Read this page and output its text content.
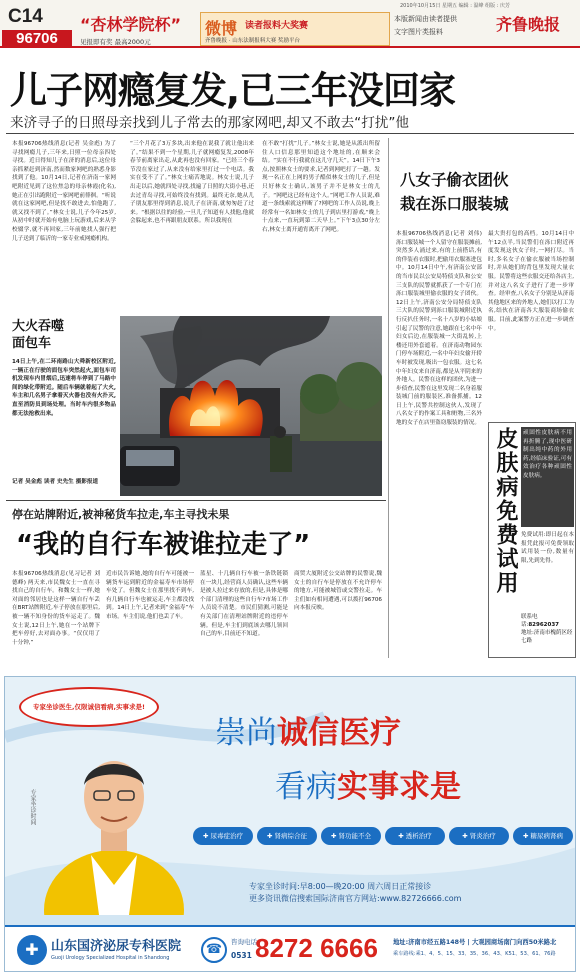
C14
96706
2010年10月15日 星期五 编辑 : 温峰 组版 : 庆芳
“杏林学院杯”
见报即有奖 最高2000元
微博 读者报料大奖赛
齐鲁晚报 · 山东法制报料大赛 奖励平台
本版新闻由读者提供
文字图片类报料	齐鲁晚报
儿子网瘾复发,已三年没回家
来济寻子的日照母亲找到儿子常去的那家网吧,却又不敢去“打扰”他
本报96706热线消息(记者 吴金彪) 为了寻找网瘾儿子,三年来,日照一位母亲四处寻找。近日得知儿子在济的消息后,这位母亲抓紧赶到济南,然而数家网吧的熟悉身影找到了他。10月14日,记者在济南一家网吧附近见到了这位焦急的母亲林霞(化名),她正在引出跑附近一家网吧前徘徊。“听说就在这家网吧,但是找不敢进去,怕他跑了,就又找不到了。”林女士说,儿子今年25岁,从初中时就开始有电脑上玩游戏,后来从学校辍学,就不再回家,三年前她找人强行把儿子送到了临沂的一家专业戒网瘾机构。
“三个月花了3万多块,出来他在说我了就让他出来了。”结果不到一个星期,儿子就网瘾复发,2008年春节前离家出走,从此再也没有回家。“已经三个春节没在家过了,从来没有给家里打过一个电话。我实在受不了了。”林女士痛苦地说。林女士说,儿子出走以后,她就四处寻找,找遍了日照的大街小巷,还去过青岛寻找,可始终没有找到。最终无奈,她从儿子朋友那里得到消息,说儿子在济南,就匆匆赶了过来。“根据以往的经验,一旦儿子知道有人找他,他就会躲起来,也不再跟朋友联系。所以我现在
在不敢“打扰”儿子。”林女士说,她是从派出所留住人口信息那里知道这个地址的,在顺来会结。“实在不行我就在这儿守几天”。14日下午3点,按照林女士的要求,记者到网吧打了一趟。发现一名正在上网的男子酷似林女士的儿子,但是只好林女士确认,该男子并不是林女士的儿子。“网吧这已经有这个人。”网吧工作人员说,难道一条线索就这样断了?网吧的工作人员说,晚上经常有一名如林女士的儿子到店里打游戏,“晚上十点来,一直玩到第二天早上。”下午3点30分左右,林女士离开通宵离开了网吧。
大火吞噬
面包车
14日上午,在二环南路山大舜新校区附近,一辆正在行驶的面包车突然起火,面包车司机发现车内冒烟后,迅速将车停到了马路中间的绿化带附近。随后车辆就着起了大火,车主和几名男子拿着灭火器也没有火扑灭,直至消防员到场处理。当时车内很多物品都无法抢救出来。
记者 吴金彪 读者 史先生 摄影报道
八女子偷衣团伙
栽在泺口服装城
本报96706热线消息(记者 刘伟) 泺口服装城一个人留守在服装摊前,突然多人涌过来,有的上前搭话,有的佯装看衣服时,把偷用衣服塞进包中。10月14日中午,有济南公安部的当市民以公安局特侦支队和公安三支队的民警就抓获了一个专门在泺口服装城里偷衣服的女子团伙。12日上午,济南公安分局特侦支队三大队的民警到泺口服装城附近执行反扒任务时,一名十八岁的小姑娘引起了民警的注意,她跟在七名中年妇女后边,在服装城一大街乱转,上楼还用外套遮着。在济南动物园东门停车场附近,一名中年妇女偷开轿车时被发现,吸出一包衣服。这七名中年妇女来自济南,都是从平阴来的外地人。民警在这样的团伙,为进一步侦查,民警在这里发现二名身着服装城门前的服装区,准备抓捕。12日上午,民警共控制这伙人,发现了八名女子的作案工具和赃物,三名外地的女子在店里盗窃服装的情况。
最大贵打包的高档。10月14日中午12点半,当民警们在泺口附近再度发现这伙女子时,一网打尽。当时,多名女子在偷衣服被当场控制时,并从她们的背包里发现大量衣服。民警将这些衣服交还给各店主,并对这八名女子进行了进一步审查。经审查,八名女子分别是从济南其他地区来的外地人,她们以打工为名,结伙在济南各大服装商场偷衣服。目前,此案警方正在进一步调查中。
皮肤病免费试用 顽固性皮肤病不用再折腾了,现中医研制出纯中药的外用药,经临床验证,可有效治疗各种顽固性皮肤病。
免费试用:即日起在本报凭此报可免费领取试用装一份,数量有限,先到先得。
联系电话:82962037
地址:济南市槐荫区经七路
停在站牌附近,被神秘货车拉走,车主寻找未果
“我的自行车被谁拉走了”
本报96706热线消息(见习记者 刘德峰) 两天来,市民魏女士一直在寻找自己的自行车。和魏女士一样,她对面的邻居也是这样一辆自行车丢在BRT站牌附近,车子停放在那里后,被一辆不知身份的货车运走了。魏女士说,12日上午,她在一个站牌下把车停好,去对面办事。“仅仅用了十分钟,”
近市民告诉她,她的自行车可能被一辆货车运到附近的金福寿车市场停车处了。但魏女士在那里找不到车,有几辆自行车也被运走,车主都没找到。14日上午,记者来到“金福寿”车市场。车主们说,他们也丢了车。
蓝星、十几辆自行车被一条铁链锁在一块儿,经营商人员确认,这些车辆是被人拉过来存放的,但是,具体是哪个部门清理的这些自行车?市场工作人员说不清楚。市民们猜测,可能是有关部门在清理站牌附近的违停车辆。但是,车主们到底该去哪儿领回自己的车,目前还不知道。
商贸大厦附近公交站牌的民警说,魏女士的自行车是停放在不允许停车的地方,可能被城管或交警拉走。车主们如有相同遭遇,可以拨打96706向本报反映。
专家坐诊医生,仅限诚信看病,实事求是!
专家坐诊时间
崇尚诚信医疗
看病实事求是
✚ 尿毒症治疗	✚ 肾病综合征	✚ 肾功能不全	✚ 透析治疗	✚ 肾炎治疗	✚ 糖尿病肾病
专家坐诊时间:早8:00—晚20:00 周六周日正常接诊
更多资讯微信搜索国际济南官方网站:www.82726666.com
✚ 山东国济泌尿专科医院
Guoji Urology Specialized Hospital in Shandong
☎	咨询电话
0531 8272 6666 地址:济南市经五路148号 | 大观园商场南门向西50米路北
乘车路线:乘1、4、5、15、33、35、36、43、K51、53、61、76路
